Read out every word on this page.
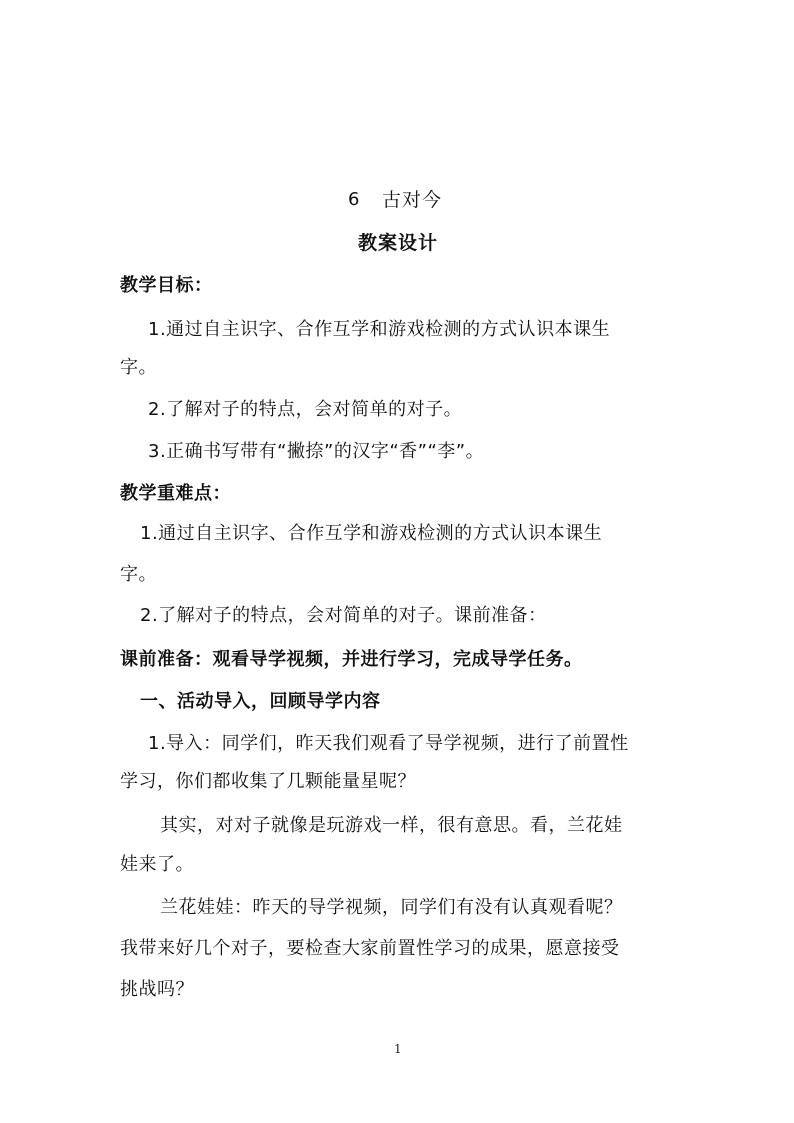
6 古对今
教案设计
教学目标：
1.通过自主识字、合作互学和游戏检测的方式认识本课生
字。
2.了解对子的特点，会对简单的对子。
3.正确书写带有“撇捺”的汉字“香”“李”。
教学重难点：
1.通过自主识字、合作互学和游戏检测的方式认识本课生
字。
2.了解对子的特点，会对简单的对子。课前准备：
课前准备：观看导学视频，并进行学习，完成导学任务。
一、活动导入，回顾导学内容
1.导入：同学们，昨天我们观看了导学视频，进行了前置性
学习，你们都收集了几颗能量星呢？
其实，对对子就像是玩游戏一样，很有意思。看，兰花娃
娃来了。
兰花娃娃：昨天的导学视频，同学们有没有认真观看呢？
我带来好几个对子，要检查大家前置性学习的成果，愿意接受
挑战吗？
1
